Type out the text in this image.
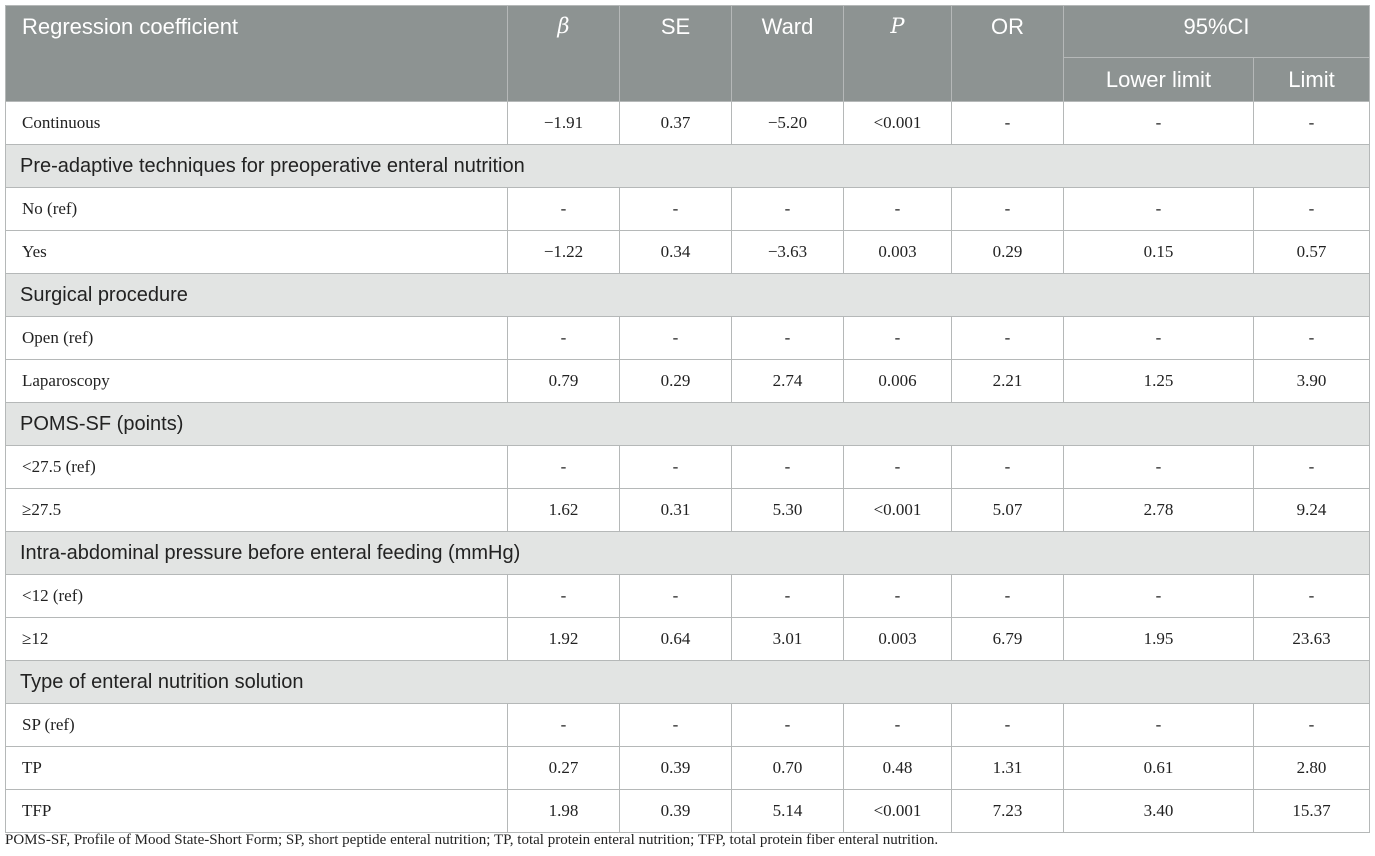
Regression coefficient	β	SE	Ward	P	OR	95%CI	
						Lower limit	Limit
Continuous	−1.91	0.37	−5.20	<0.001	-	-	-
Pre-adaptive techniques for preoperative enteral nutrition							
No (ref)	-	-	-	-	-	-	-
Yes	−1.22	0.34	−3.63	0.003	0.29	0.15	0.57
Surgical procedure							
Open (ref)	-	-	-	-	-	-	-
Laparoscopy	0.79	0.29	2.74	0.006	2.21	1.25	3.90
POMS-SF (points)							
<27.5 (ref)	-	-	-	-	-	-	-
≥27.5	1.62	0.31	5.30	<0.001	5.07	2.78	9.24
Intra-abdominal pressure before enteral feeding (mmHg)							
<12 (ref)	-	-	-	-	-	-	-
≥12	1.92	0.64	3.01	0.003	6.79	1.95	23.63
Type of enteral nutrition solution							
SP (ref)	-	-	-	-	-	-	-
TP	0.27	0.39	0.70	0.48	1.31	0.61	2.80
TFP	1.98	0.39	5.14	<0.001	7.23	3.40	15.37
POMS-SF, Profile of Mood State-Short Form; SP, short peptide enteral nutrition; TP, total protein enteral nutrition; TFP, total protein fiber enteral nutrition.
